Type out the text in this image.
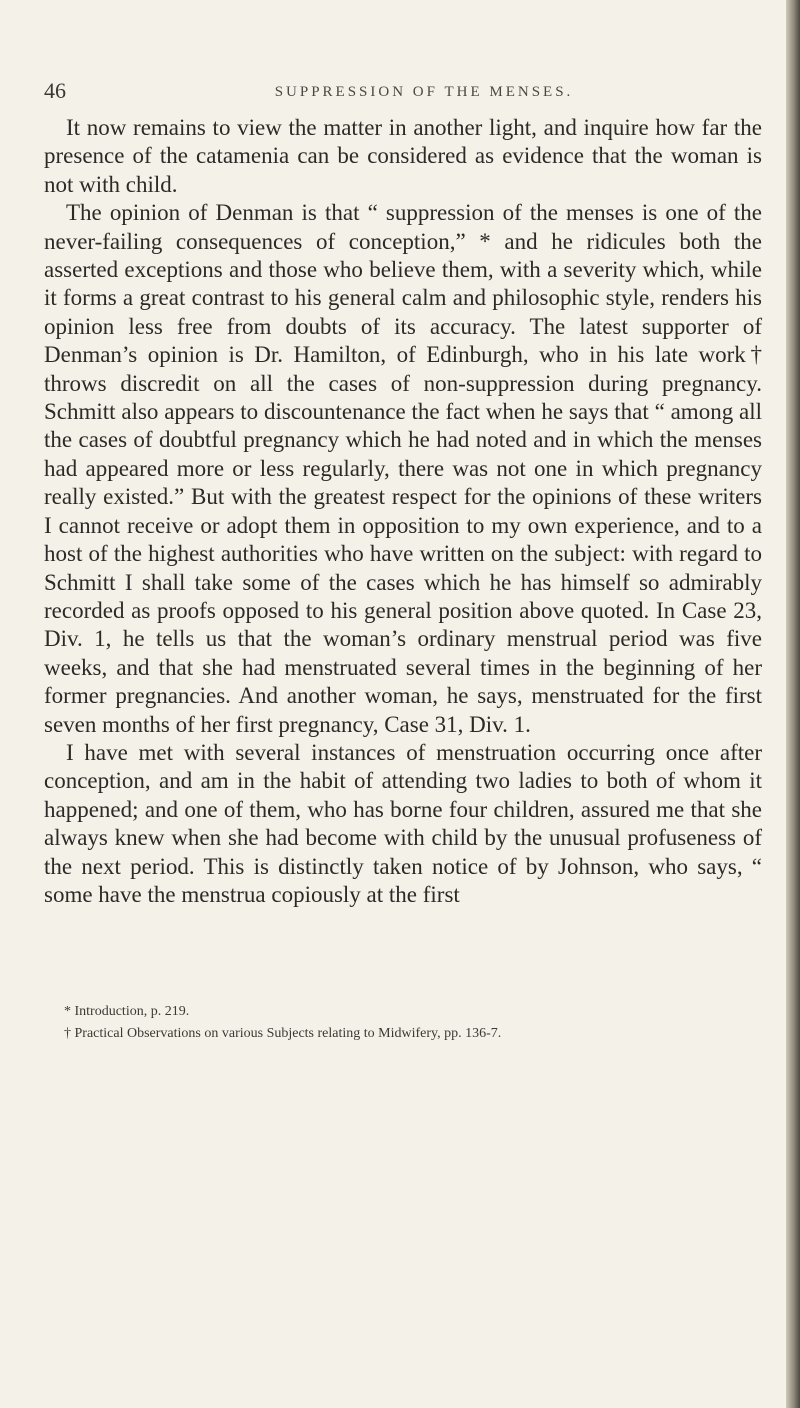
46	SUPPRESSION OF THE MENSES.

It now remains to view the matter in another light, and inquire how far the presence of the catamenia can be considered as evidence that the woman is not with child.

The opinion of Denman is that “ suppression of the menses is one of the never-failing consequences of conception,” * and he ridicules both the asserted exceptions and those who believe them, with a severity which, while it forms a great contrast to his general calm and philosophic style, renders his opinion less free from doubts of its accuracy. The latest supporter of Denman’s opinion is Dr. Hamilton, of Edinburgh, who in his late work† throws discredit on all the cases of non-suppression during pregnancy. Schmitt also appears to discountenance the fact when he says that “ among all the cases of doubtful pregnancy which he had noted and in which the menses had appeared more or less regularly, there was not one in which pregnancy really existed.” But with the greatest respect for the opinions of these writers I cannot receive or adopt them in opposition to my own experience, and to a host of the highest authorities who have written on the subject: with regard to Schmitt I shall take some of the cases which he has himself so admirably recorded as proofs opposed to his general position above quoted. In Case 23, Div. 1, he tells us that the woman’s ordinary menstrual period was five weeks, and that she had menstruated several times in the beginning of her former pregnancies. And another woman, he says, menstruated for the first seven months of her first pregnancy, Case 31, Div. 1.

I have met with several instances of menstruation occurring once after conception, and am in the habit of attending two ladies to both of whom it happened; and one of them, who has borne four children, assured me that she always knew when she had become with child by the unusual profuseness of the next period. This is distinctly taken notice of by Johnson, who says, “ some have the menstrua copiously at the first

* Introduction, p. 219.
† Practical Observations on various Subjects relating to Midwifery, pp. 136-7.
